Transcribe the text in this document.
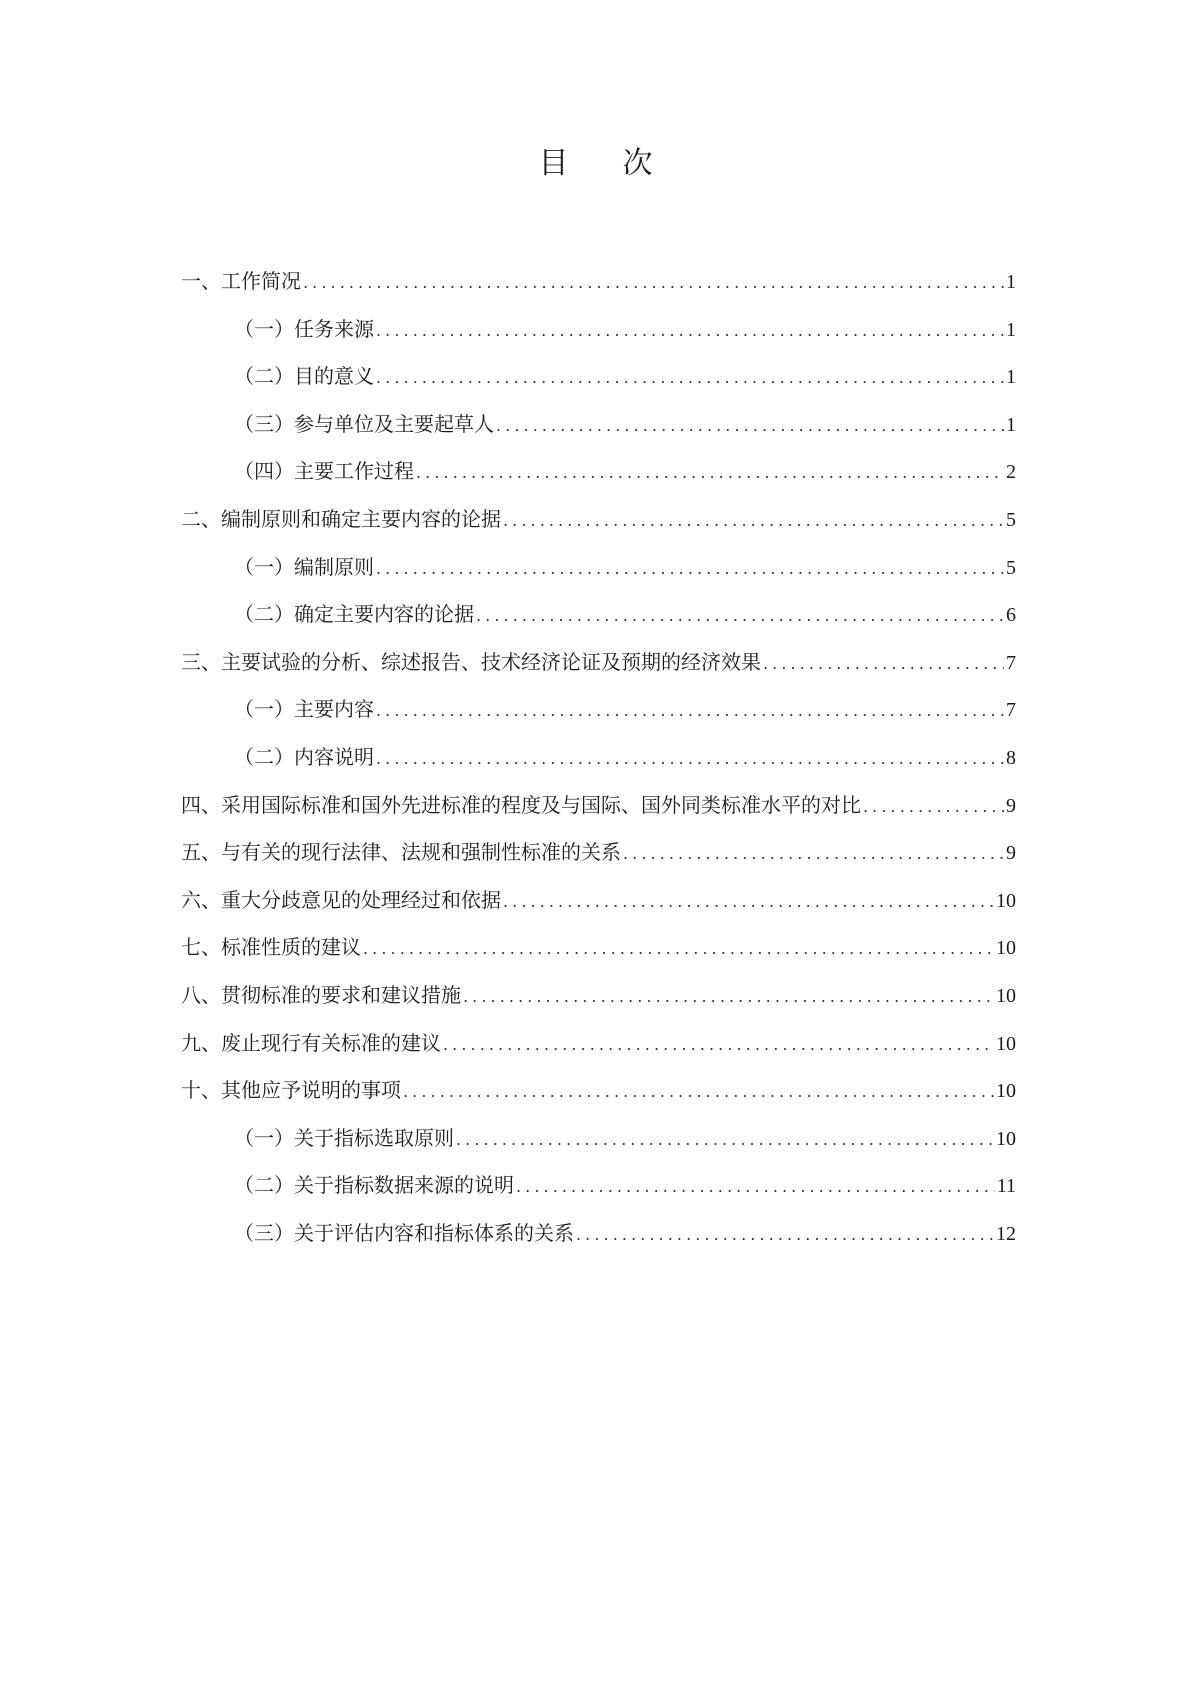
目 次
一、工作简况 . . .	1
（一）任务来源 . . .	1
（二）目的意义 . . .	1
（三）参与单位及主要起草人 . . .	1
（四）主要工作过程 . . .	2
二、编制原则和确定主要内容的论据 . . .	5
（一）编制原则 . . .	5
（二）确定主要内容的论据 . . .	6
三、主要试验的分析、综述报告、技术经济论证及预期的经济效果 . . .	7
（一）主要内容 . . .	7
（二）内容说明 . . .	8
四、采用国际标准和国外先进标准的程度及与国际、国外同类标准水平的对比 . . .	9
五、与有关的现行法律、法规和强制性标准的关系 . . .	9
六、重大分歧意见的处理经过和依据 . . .	10
七、标准性质的建议 . . .	10
八、贯彻标准的要求和建议措施 . . .	10
九、废止现行有关标准的建议 . . .	10
十、其他应予说明的事项 . . .	10
（一）关于指标选取原则 . . .	10
（二）关于指标数据来源的说明 . . .	11
（三）关于评估内容和指标体系的关系 . . .	12
